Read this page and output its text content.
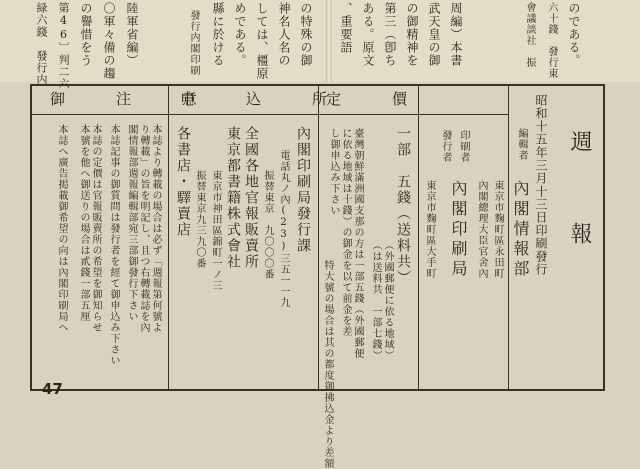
緑六錢　發行内 第46〕判二六 の譽惜をう 〇軍々備の趨 陸軍省編）	發行内閣印刷 縣に於ける めである。 しては、橿原 神名人名の の特殊の御 、重要語 ある。原文 第三（卽ち の御精神を 武天皇の御 周編）本書	會議談社　振 六十錢　發行東 のである。
御　注　意
申　込　所
定　價
週　報
昭和十五年三月十三日印刷發行
編輯者
內閣情報部
東京市麴町區永田町
內閣總理大臣官舍內
印刷者
發行者
內閣印刷局
東京市麴町區大手町
一部　五錢（送料共）
（外國郵便に依る地域）
（は送料共　一部七錢）
臺灣朝鮮滿洲國支那の方は一部五錢（外國郵便
に依る地域は十錢）の御金を以て前金を差
し御申込み下さい
特大號の場合は其の都度御拂込金より差額
內閣印刷局發行課
電話丸ノ內(23)三五一一九
振替東京　九〇〇〇番
東京都書籍株式會社 全國各地官報販賣所
東京市神田區錦町一ノ三
振替東京九三九〇番
各書店・驛賣店
本誌より轉載の場合は必ず「週報第何號よ
り轉載」の旨を明記し、且つ右轉載誌を內
閣情報部週報編輯部宛三部御發行下さい
本誌記事の御質問は發行者を經て御申込み下さい
本誌の定價は官報販賣所の希望を御知らせ
本號を他へ御送りの場合は貳錢一部五厘
本誌へ廣告掲載御希望の向は內閣印刷局へ
47
